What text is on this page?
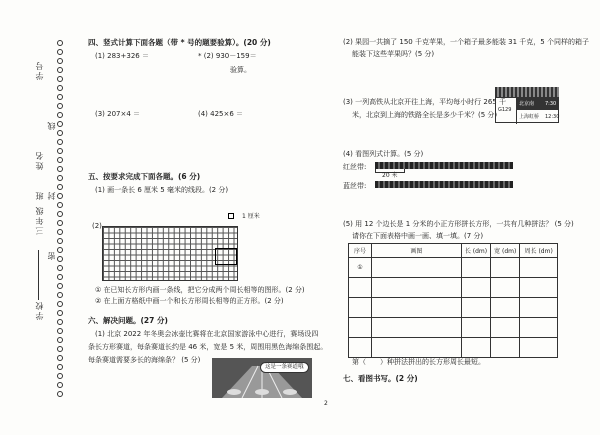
学校
三年级
班
姓名
学号
密
封
线
四、竖式计算下面各题（带 * 号的题要验算）。(20 分)
(1) 283+326 ＝	* (2) 930－159＝
验算。
(3) 207×4 ＝	(4) 425×6 ＝
五、按要求完成下面各题。(6 分)
(1) 画一条长 6 厘米 5 毫米的线段。(2 分)
(2)
1 厘米
① 在已知长方形内画一条线，把它分成两个周长相等的图形。(2 分)
② 在上面方格纸中画一个和长方形周长相等的正方形。(2 分)
六、解决问题。(27 分)
(1) 北京 2022 年冬奥会冰壶比赛将在北京国家游泳中心进行，赛场设四
条长方形赛道，每条赛道长约是 46 米，宽是 5 米，周围用黑色海绵条围起。
每条赛道需要多长的海绵条？ (5 分)
这是一条赛道哦
(2) 果园一共摘了 150 千克苹果，一个箱子最多能装 31 千克，5 个同样的箱子
能装下这些苹果吗？(5 分)
(3) 一列高铁从北京开往上海，平均每小时行 265 千
米，北京到上海的铁路全长是多少千米？(5 分)
G129
北京南 7:30
上海虹桥 12:30
(4) 看图列式计算。(5 分)
红丝带:
20 米
蓝丝带:
(5) 用 12 个边长是 1 分米的小正方形拼长方形，一共有几种拼法？ (5 分)
请你在下面表格中画一画、填一填。(7 分)
序号	画图	长 (dm)	宽 (dm)	周长 (dm)
①				

第（　　）种拼法拼出的长方形周长最短。
七、看图书写。(2 分)
2
